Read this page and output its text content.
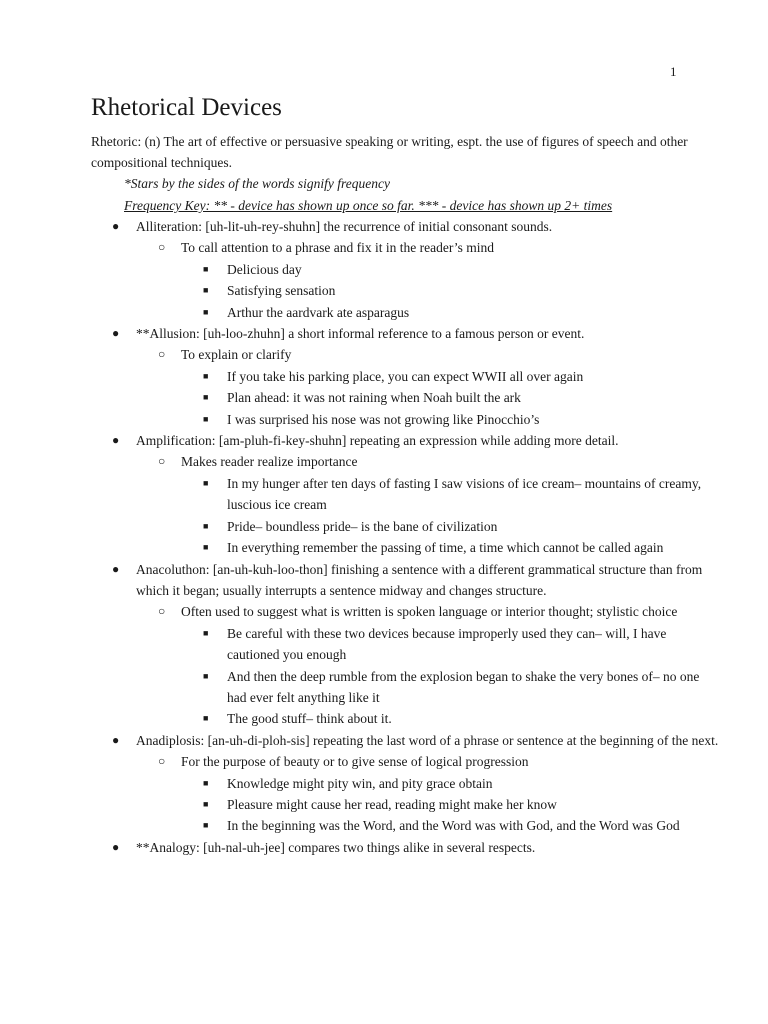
1
Rhetorical Devices
Rhetoric: (n) The art of effective or persuasive speaking or writing, espt. the use of figures of speech and other compositional techniques.
*Stars by the sides of the words signify frequency
Frequency Key: ** - device has shown up once so far. *** - device has shown up 2+ times
● Alliteration: [uh-lit-uh-rey-shuhn] the recurrence of initial consonant sounds.
○ To call attention to a phrase and fix it in the reader’s mind
■ Delicious day
■ Satisfying sensation
■ Arthur the aardvark ate asparagus
● **Allusion: [uh-loo-zhuhn] a short informal reference to a famous person or event.
○ To explain or clarify
■ If you take his parking place, you can expect WWII all over again
■ Plan ahead: it was not raining when Noah built the ark
■ I was surprised his nose was not growing like Pinocchio’s
● Amplification: [am-pluh-fi-key-shuhn] repeating an expression while adding more detail.
○ Makes reader realize importance
■ In my hunger after ten days of fasting I saw visions of ice cream– mountains of creamy, luscious ice cream
■ Pride– boundless pride– is the bane of civilization
■ In everything remember the passing of time, a time which cannot be called again
● Anacoluthon: [an-uh-kuh-loo-thon] finishing a sentence with a different grammatical structure than from which it began; usually interrupts a sentence midway and changes structure.
○ Often used to suggest what is written is spoken language or interior thought; stylistic choice
■ Be careful with these two devices because improperly used they can– will, I have cautioned you enough
■ And then the deep rumble from the explosion began to shake the very bones of– no one had ever felt anything like it
■ The good stuff– think about it.
● Anadiplosis: [an-uh-di-ploh-sis] repeating the last word of a phrase or sentence at the beginning of the next.
○ For the purpose of beauty or to give sense of logical progression
■ Knowledge might pity win, and pity grace obtain
■ Pleasure might cause her read, reading might make her know
■ In the beginning was the Word, and the Word was with God, and the Word was God
● **Analogy: [uh-nal-uh-jee] compares two things alike in several respects.
